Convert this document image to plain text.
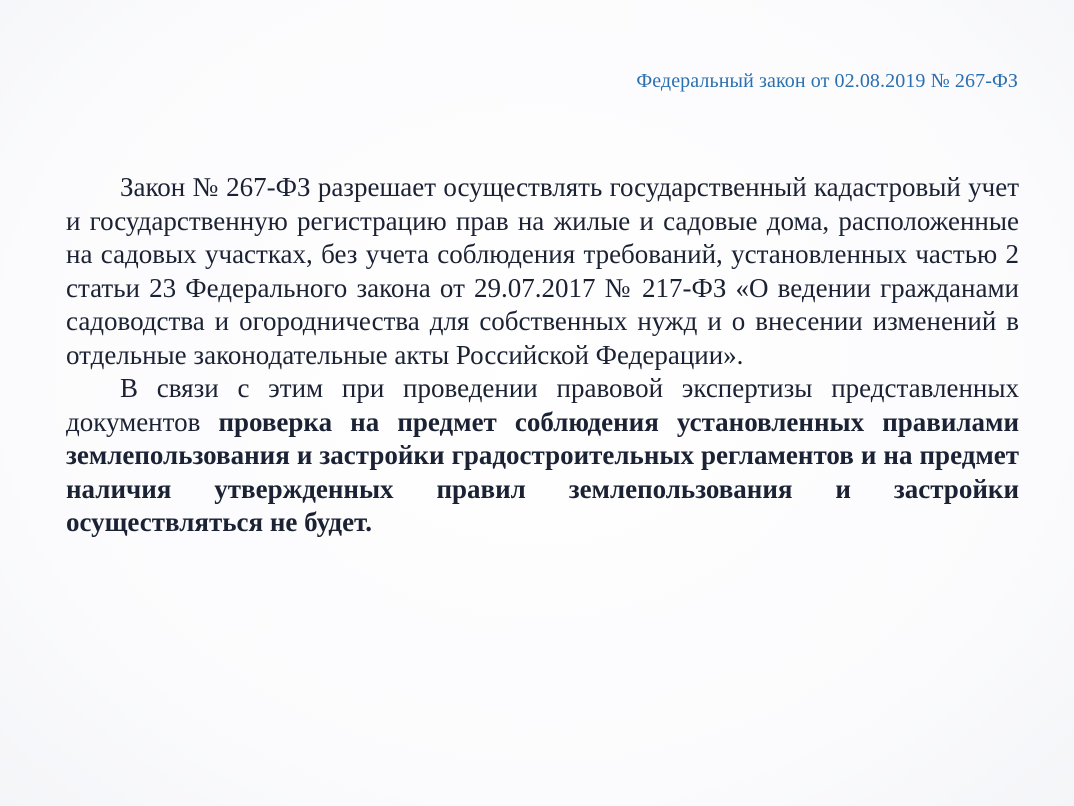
Федеральный закон от 02.08.2019 № 267-ФЗ

Закон № 267-ФЗ разрешает осуществлять государственный кадастровый учет и государственную регистрацию прав на жилые и садовые дома, расположенные на садовых участках, без учета соблюдения требований, установленных частью 2 статьи 23 Федерального закона от 29.07.2017 № 217-ФЗ «О ведении гражданами садоводства и огородничества для собственных нужд и о внесении изменений в отдельные законодательные акты Российской Федерации».

В связи с этим при проведении правовой экспертизы представленных документов проверка на предмет соблюдения установленных правилами землепользования и застройки градостроительных регламентов и на предмет наличия утвержденных правил землепользования и застройки осуществляться не будет.
